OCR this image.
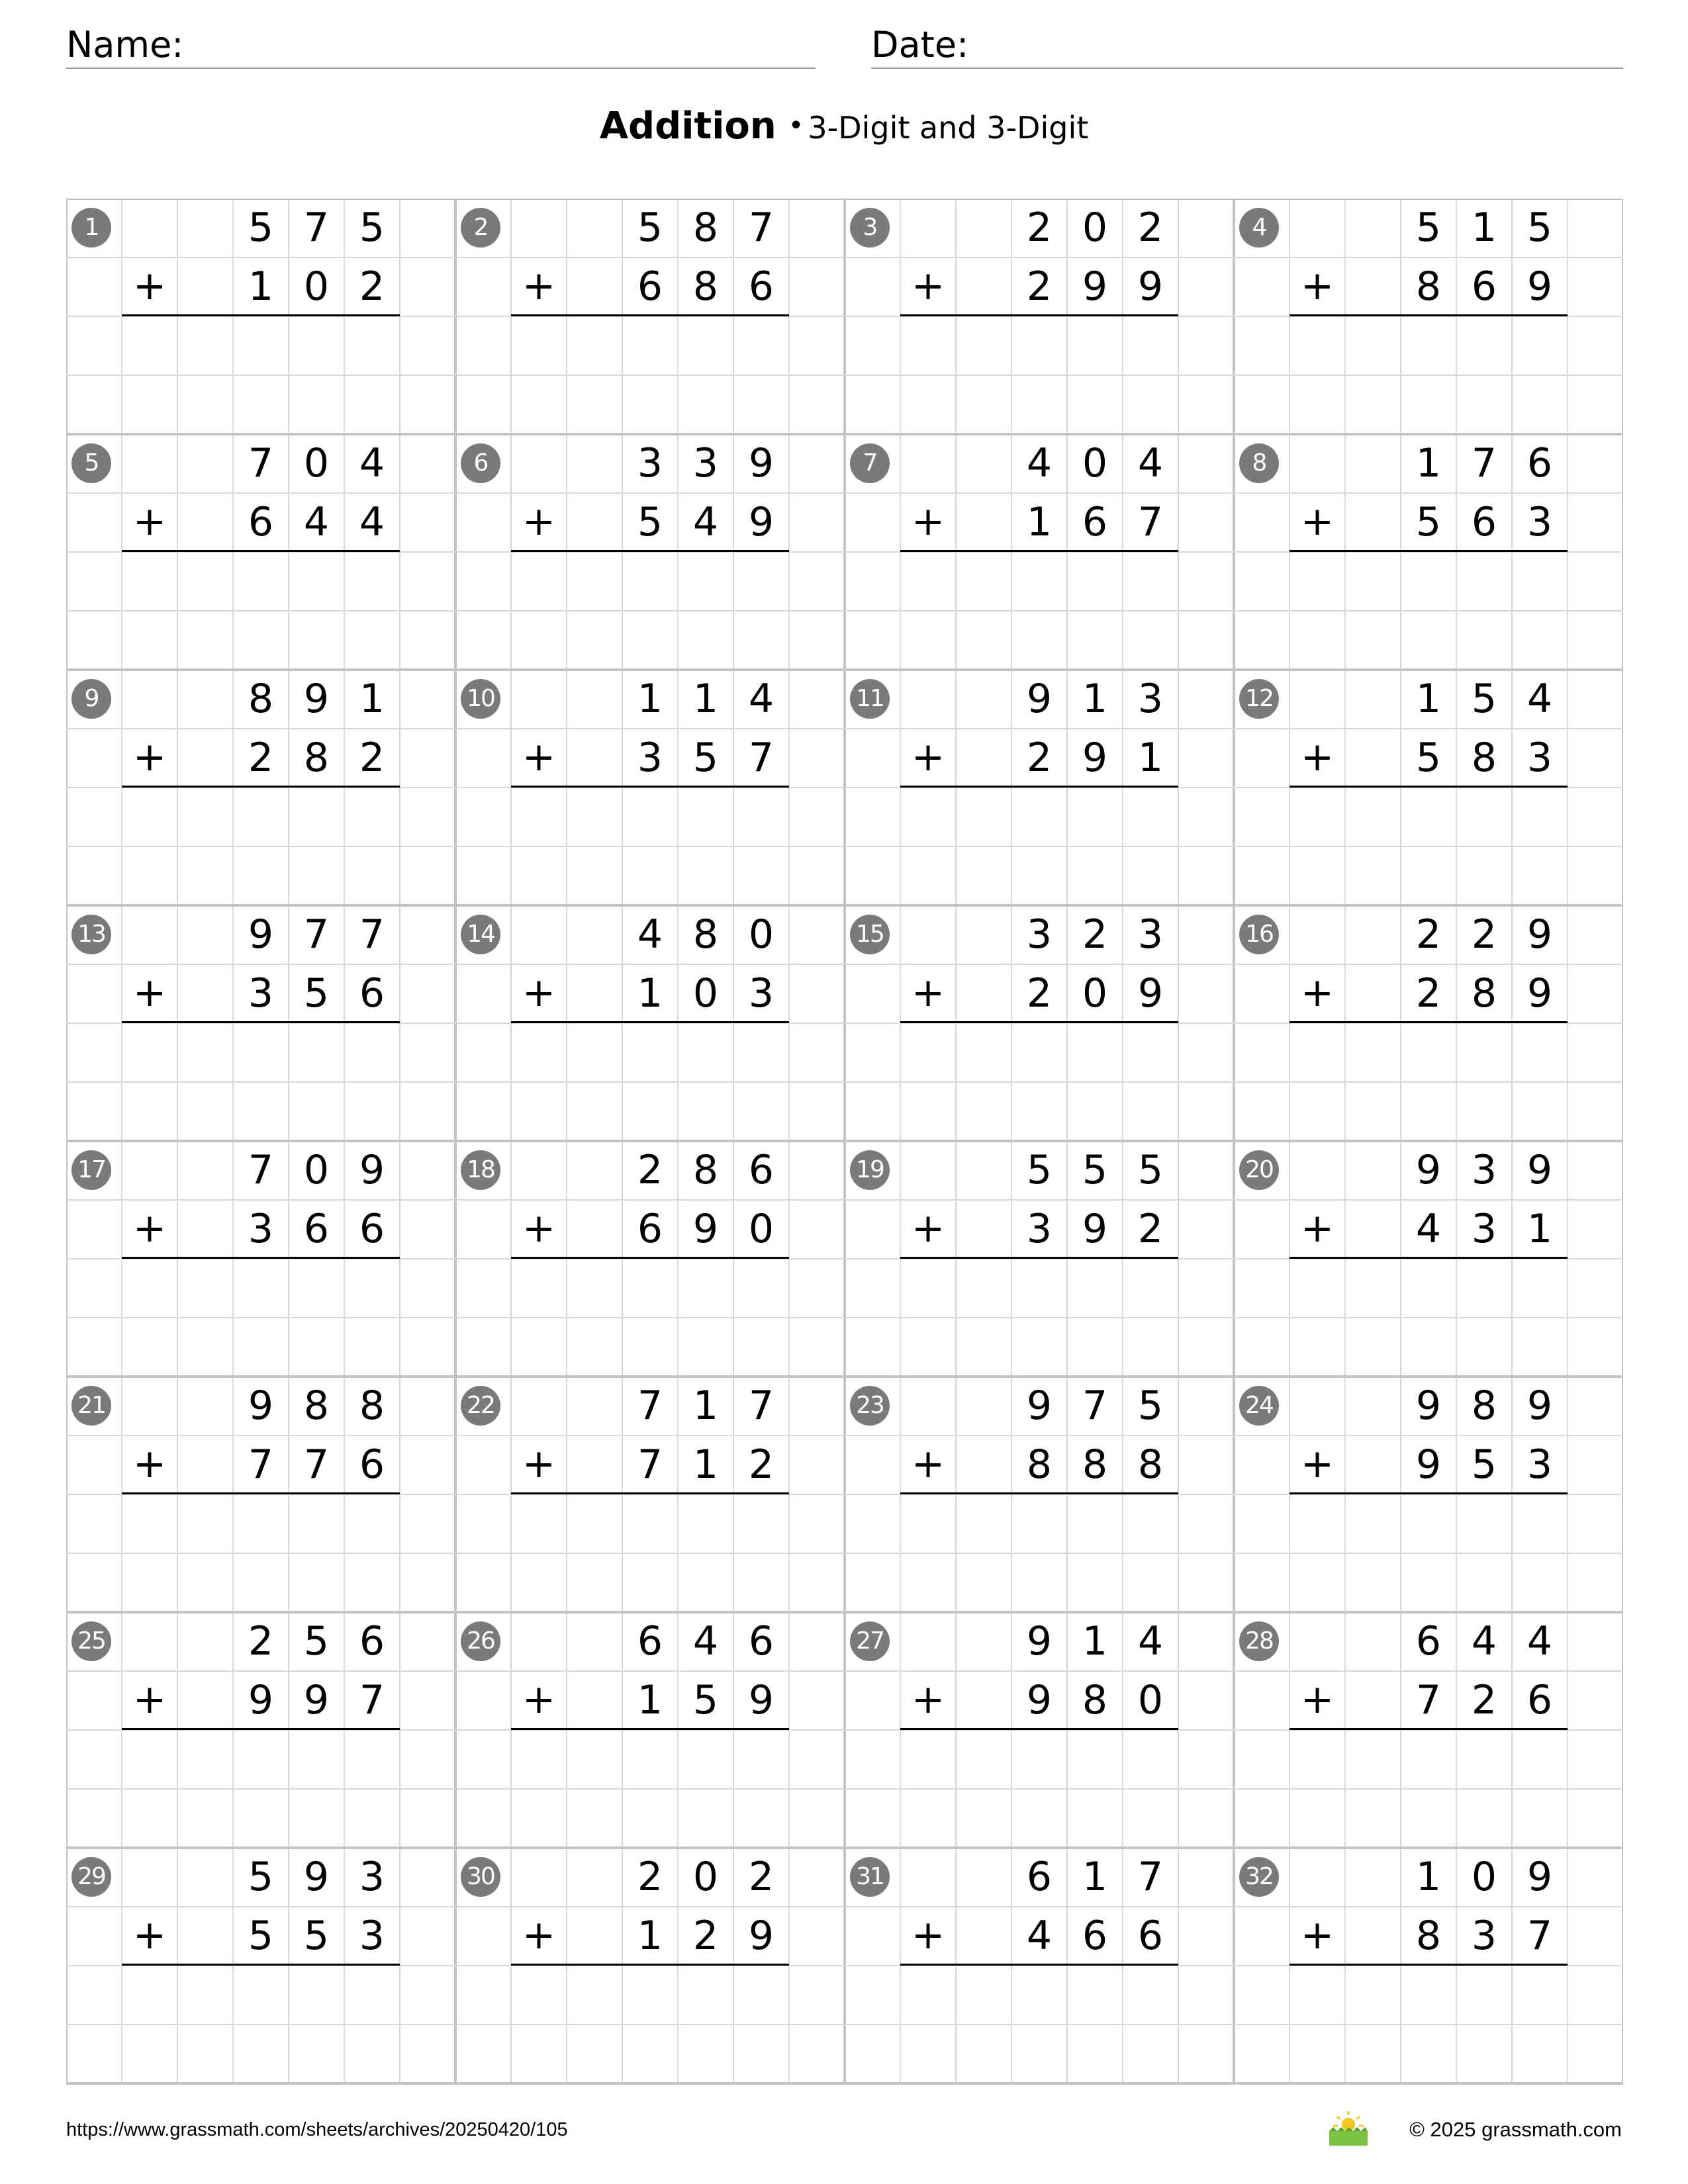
Name:	Date:
Addition • 3-Digit and 3-Digit
1	5 7 5
1 0 2
+
2	5 8 7
6 8 6
+
3	2 0 2
2 9 9
+
4	5 1 5
8 6 9
+
5	7 0 4
6 4 4
+
6	3 3 9
5 4 9
+
7	4 0 4
1 6 7
+
8	1 7 6
5 6 3
+
9	8 9 1
2 8 2
+
10	1 1 4
3 5 7
+
11	9 1 3
2 9 1
+
12	1 5 4
5 8 3
+
13	9 7 7
3 5 6
+
14	4 8 0
1 0 3
+
15	3 2 3
2 0 9
+
16	2 2 9
2 8 9
+
17	7 0 9
3 6 6
+
18	2 8 6
6 9 0
+
19	5 5 5
3 9 2
+
20	9 3 9
4 3 1
+
21	9 8 8
7 7 6
+
22	7 1 7
7 1 2
+
23	9 7 5
8 8 8
+
24	9 8 9
9 5 3
+
25	2 5 6
9 9 7
+
26	6 4 6
1 5 9
+
27	9 1 4
9 8 0
+
28	6 4 4
7 2 6
+
29	5 9 3
5 5 3
+
30	2 0 2
1 2 9
+
31	6 1 7
4 6 6
+
32	1 0 9
8 3 7
+
https://www.grassmath.com/sheets/archives/20250420/105	© 2025 grassmath.com
